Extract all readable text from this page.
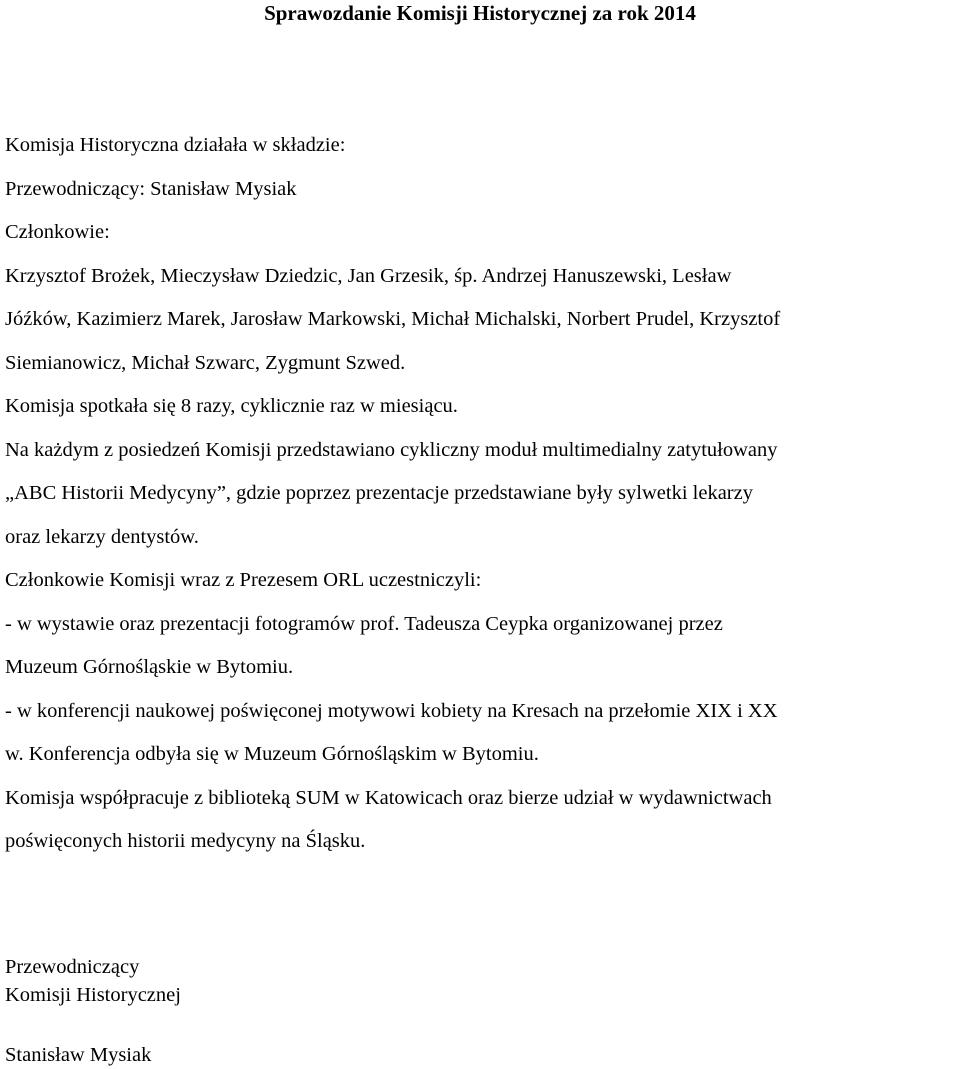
Sprawozdanie Komisji Historycznej za rok 2014
Komisja Historyczna działała w składzie:
Przewodniczący: Stanisław Mysiak
Członkowie:
Krzysztof Brożek, Mieczysław Dziedzic, Jan Grzesik, śp. Andrzej Hanuszewski, Lesław
Jóźków, Kazimierz Marek, Jarosław Markowski, Michał Michalski, Norbert Prudel, Krzysztof
Siemianowicz, Michał Szwarc, Zygmunt Szwed.
Komisja spotkała się 8 razy, cyklicznie raz w miesiącu.
Na każdym z posiedzeń Komisji przedstawiano cykliczny moduł multimedialny zatytułowany
„ABC Historii Medycyny”, gdzie poprzez prezentacje przedstawiane były sylwetki lekarzy
oraz lekarzy dentystów.
Członkowie Komisji wraz z Prezesem ORL uczestniczyli:
- w wystawie oraz prezentacji fotogramów prof. Tadeusza Ceypka organizowanej przez
Muzeum Górnośląskie w Bytomiu.
- w konferencji naukowej poświęconej motywowi kobiety na Kresach na przełomie XIX i XX
w. Konferencja odbyła się w Muzeum Górnośląskim w Bytomiu.
Komisja współpracuje z biblioteką SUM w Katowicach oraz bierze udział w wydawnictwach
poświęconych historii medycyny na Śląsku.
Przewodniczący
Komisji Historycznej
Stanisław Mysiak
